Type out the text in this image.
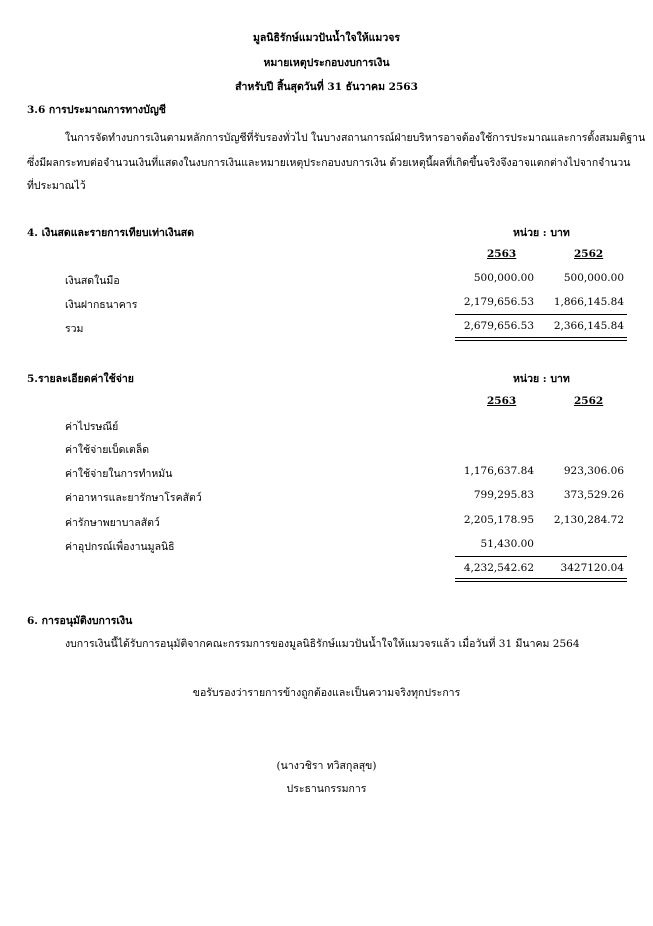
มูลนิธิรักษ์แมวปันน้ำใจให้แมวจร
หมายเหตุประกอบงบการเงิน
สำหรับปี สิ้นสุดวันที่ 31 ธันวาคม 2563
3.6 การประมาณการทางบัญชี
ในการจัดทำงบการเงินตามหลักการบัญชีที่รับรองทั่วไป ในบางสถานการณ์ฝ่ายบริหารอาจต้องใช้การประมาณและการตั้งสมมติฐาน
ซึ่งมีผลกระทบต่อจำนวนเงินที่แสดงในงบการเงินและหมายเหตุประกอบงบการเงิน ด้วยเหตุนี้ผลที่เกิดขึ้นจริงจึงอาจแตกต่างไปจากจำนวน
ที่ประมาณไว้
4. เงินสดและรายการเทียบเท่าเงินสด	หน่วย : บาท
2563	2562
เงินสดในมือ	500,000.00	500,000.00
เงินฝากธนาคาร	2,179,656.53	1,866,145.84
รวม	2,679,656.53	2,366,145.84
5.รายละเอียดค่าใช้จ่าย	หน่วย : บาท
2563	2562
ค่าไปรษณีย์
ค่าใช้จ่ายเบ็ดเตล็ด
ค่าใช้จ่ายในการทำหมัน	1,176,637.84	923,306.06
ค่าอาหารและยารักษาโรคสัตว์	799,295.83	373,529.26
ค่ารักษาพยาบาลสัตว์	2,205,178.95	2,130,284.72
ค่าอุปกรณ์เพื่องานมูลนิธิ	51,430.00
4,232,542.62	3427120.04
6. การอนุมัติงบการเงิน
งบการเงินนี้ได้รับการอนุมัติจากคณะกรรมการของมูลนิธิรักษ์แมวปันน้ำใจให้แมวจรแล้ว เมื่อวันที่ 31 มีนาคม 2564
ขอรับรองว่ารายการข้างถูกต้องและเป็นความจริงทุกประการ
(นางวชิรา ทวิสกุลสุข)
ประธานกรรมการ
